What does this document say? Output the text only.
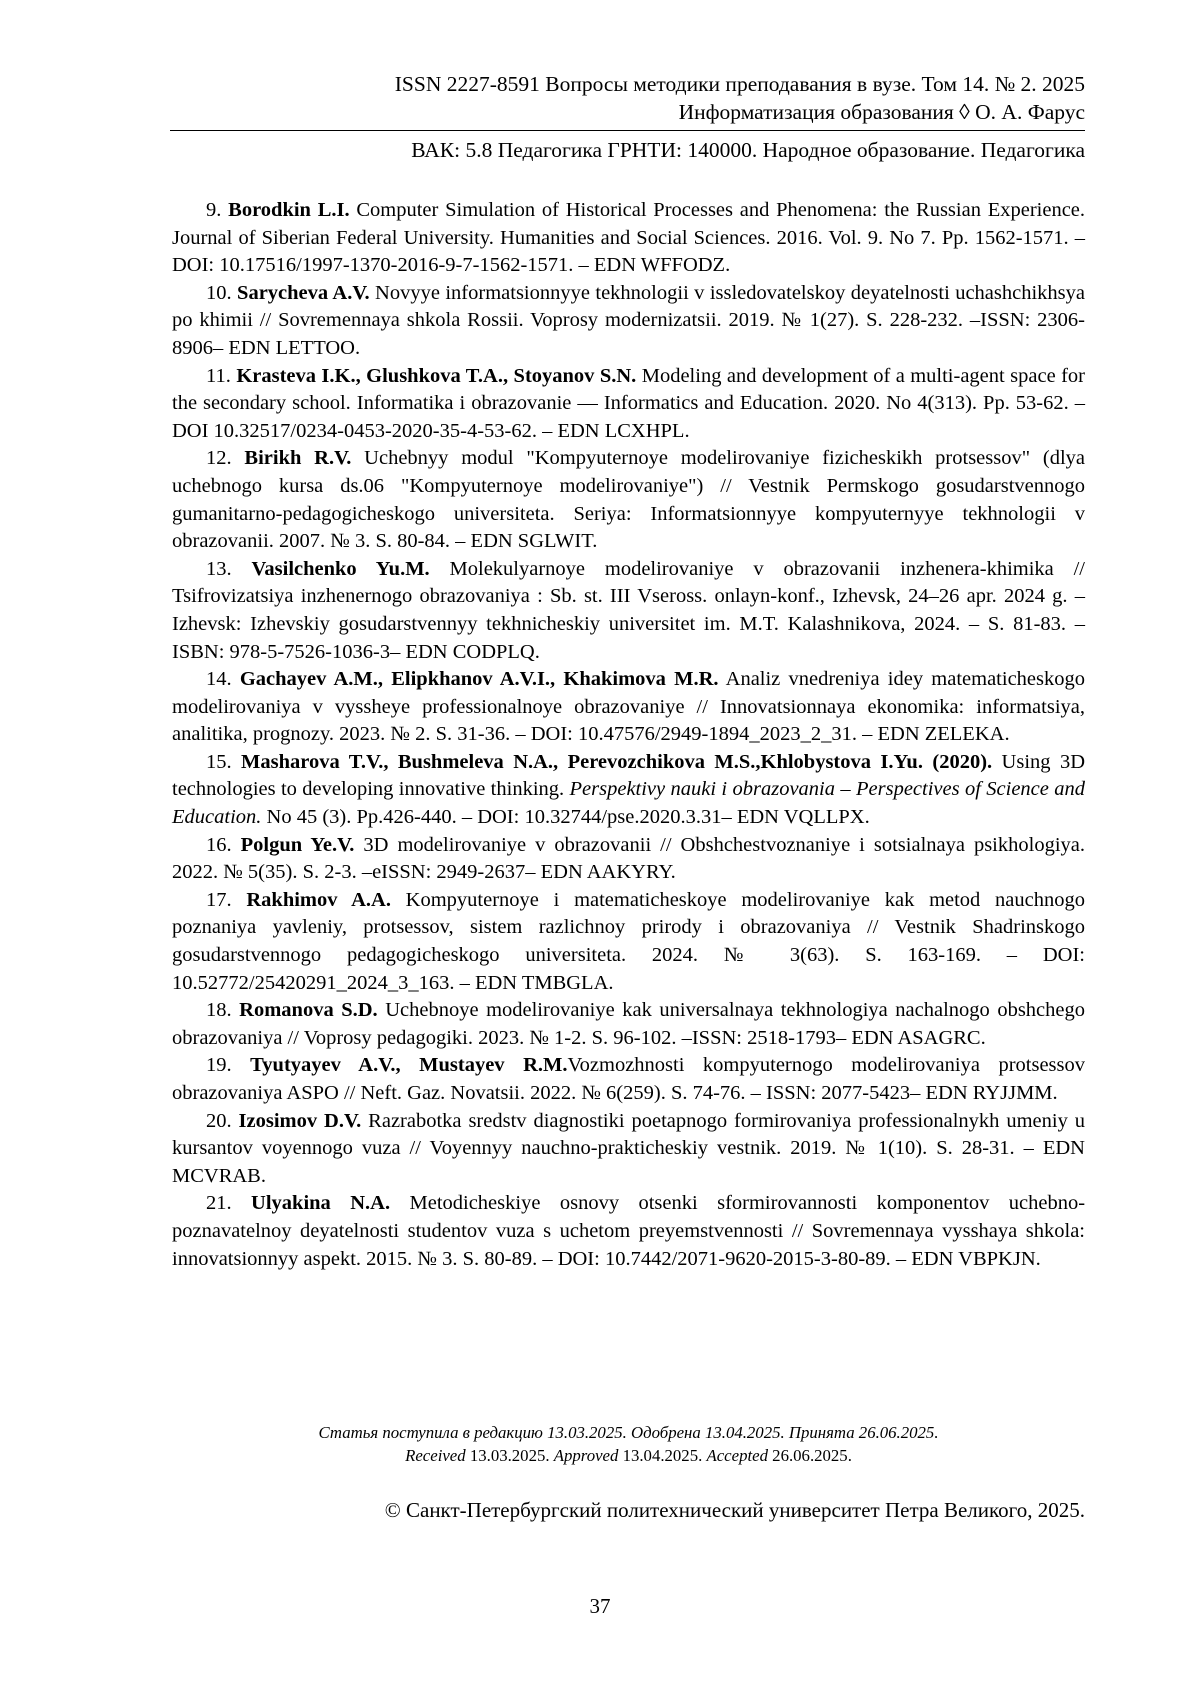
ISSN 2227-8591 Вопросы методики преподавания в вузе. Том 14. № 2. 2025
Информатизация образования ◊ О. А. Фарус
ВАК: 5.8 Педагогика ГРНТИ: 140000. Народное образование. Педагогика

9. Borodkin L.I. Computer Simulation of Historical Processes and Phenomena: the Russian Experience. Journal of Siberian Federal University. Humanities and Social Sciences. 2016. Vol. 9. No 7. Pp. 1562-1571. – DOI: 10.17516/1997-1370-2016-9-7-1562-1571. – EDN WFFODZ.

10. Sarycheva A.V. Novyye informatsionnyye tekhnologii v issledovatelskoy deyatelnosti uchashchikhsya po khimii // Sovremennaya shkola Rossii. Voprosy modernizatsii. 2019. № 1(27). S. 228-232. –ISSN: 2306-8906– EDN LETTOO.

11. Krasteva I.K., Glushkova T.A., Stoyanov S.N. Modeling and development of a multi-agent space for the secondary school. Informatika i obrazovanie — Informatics and Education. 2020. No 4(313). Pp. 53-62. – DOI 10.32517/0234-0453-2020-35-4-53-62. – EDN LCXHPL.

12. Birikh R.V. Uchebnyy modul "Kompyuternoye modelirovaniye fizicheskikh protsessov" (dlya uchebnogo kursa ds.06 "Kompyuternoye modelirovaniye") // Vestnik Permskogo gosudarstvennogo gumanitarno-pedagogicheskogo universiteta. Seriya: Informatsionnyye kompyuternyye tekhnologii v obrazovanii. 2007. № 3. S. 80-84. – EDN SGLWIT.

13. Vasilchenko Yu.M. Molekulyarnoye modelirovaniye v obrazovanii inzhenera-khimika // Tsifrovizatsiya inzhenernogo obrazovaniya : Sb. st. III Vseross. onlayn-konf., Izhevsk, 24–26 apr. 2024 g. – Izhevsk: Izhevskiy gosudarstvennyy tekhnicheskiy universitet im. M.T. Kalashnikova, 2024. – S. 81-83. –ISBN: 978-5-7526-1036-3– EDN CODPLQ.

14. Gachayev A.M., Elipkhanov A.V.I., Khakimova M.R. Analiz vnedreniya idey matematicheskogo modelirovaniya v vyssheye professionalnoye obrazovaniye // Innovatsionnaya ekonomika: informatsiya, analitika, prognozy. 2023. № 2. S. 31-36. – DOI: 10.47576/2949-1894_2023_2_31. – EDN ZELEKA.

15. Masharova T.V., Bushmeleva N.A., Perevozchikova M.S.,Khlobystova I.Yu. (2020). Using 3D technologies to developing innovative thinking. Perspektivy nauki i obrazovania – Perspectives of Science and Education. No 45 (3). Pp.426-440. – DOI: 10.32744/pse.2020.3.31– EDN VQLLPX.

16. Polgun Ye.V. 3D modelirovaniye v obrazovanii // Obshchestvoznaniye i sotsialnaya psikhologiya. 2022. № 5(35). S. 2-3. –eISSN: 2949-2637– EDN AAKYRY.

17. Rakhimov A.A. Kompyuternoye i matematicheskoye modelirovaniye kak metod nauchnogo poznaniya yavleniy, protsessov, sistem razlichnoy prirody i obrazovaniya // Vestnik Shadrinskogo gosudarstvennogo pedagogicheskogo universiteta. 2024. № 3(63). S. 163-169. – DOI: 10.52772/25420291_2024_3_163. – EDN TMBGLA.

18. Romanova S.D. Uchebnoye modelirovaniye kak universalnaya tekhnologiya nachalnogo obshchego obrazovaniya // Voprosy pedagogiki. 2023. № 1-2. S. 96-102. –ISSN: 2518-1793– EDN ASAGRC.

19. Tyutyayev A.V., Mustayev R.M.Vozmozhnosti kompyuternogo modelirovaniya protsessov obrazovaniya ASPO // Neft. Gaz. Novatsii. 2022. № 6(259). S. 74-76. – ISSN: 2077-5423– EDN RYJJMM.

20. Izosimov D.V. Razrabotka sredstv diagnostiki poetapnogo formirovaniya professionalnykh umeniy u kursantov voyennogo vuza // Voyennyy nauchno-prakticheskiy vestnik. 2019. № 1(10). S. 28-31. – EDN MCVRAB.

21. Ulyakina N.A. Metodicheskiye osnovy otsenki sformirovannosti komponentov uchebno-poznavatelnoy deyatelnosti studentov vuza s uchetom preyemstvennosti // Sovremennaya vysshaya shkola: innovatsionnyy aspekt. 2015. № 3. S. 80-89. – DOI: 10.7442/2071-9620-2015-3-80-89. – EDN VBPKJN.

Статья поступила в редакцию 13.03.2025. Одобрена 13.04.2025. Принята 26.06.2025.
Received 13.03.2025. Approved 13.04.2025. Accepted 26.06.2025.
© Санкт-Петербургский политехнический университет Петра Великого, 2025.
37
